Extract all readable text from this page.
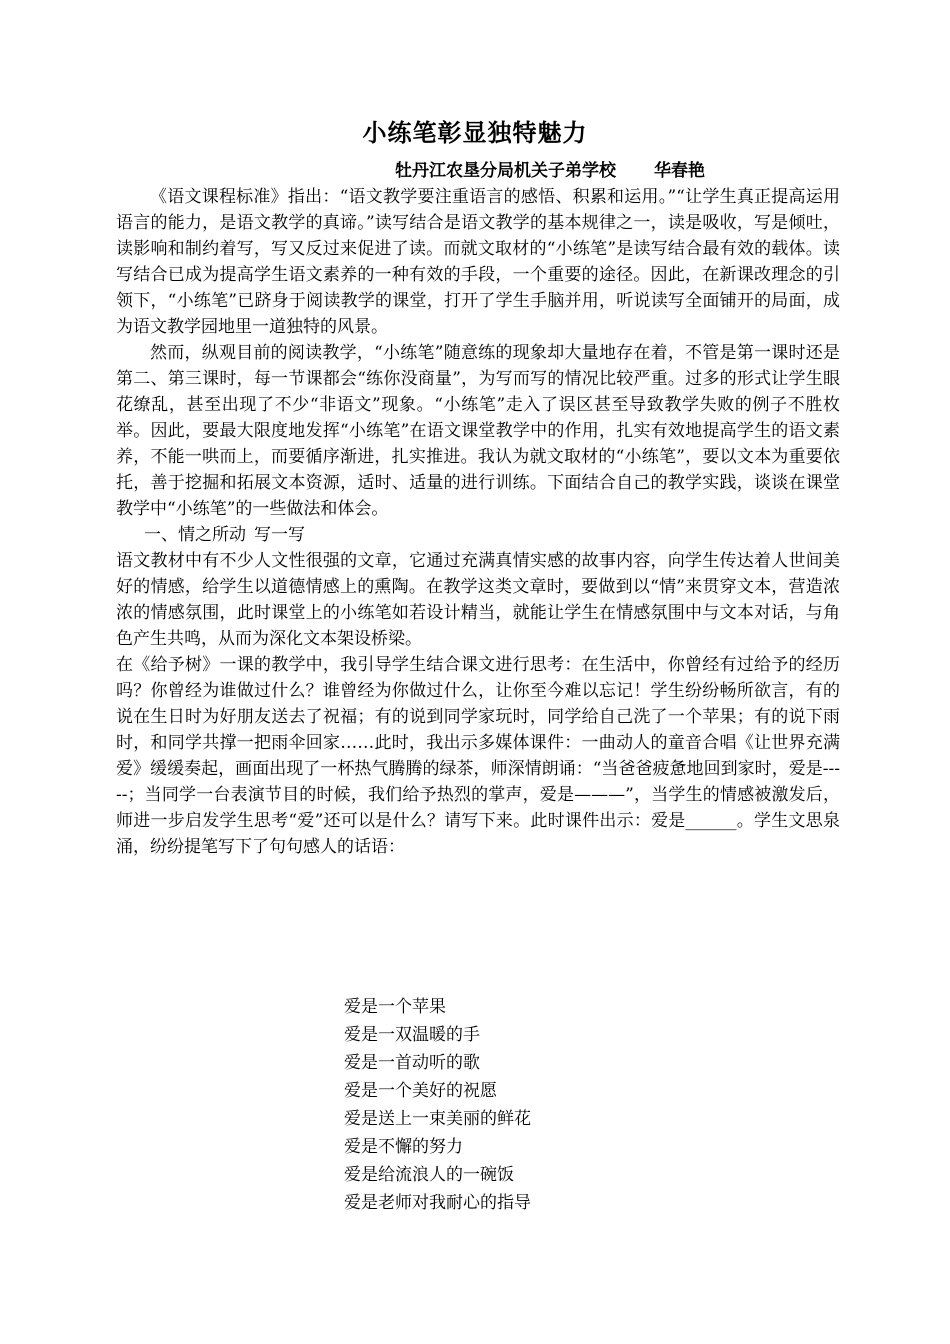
小练笔彰显独特魅力
牡丹江农垦分局机关子弟学校 华春艳

《语文课程标准》指出：“语文教学要注重语言的感悟、积累和运用。”“让学生真正提高运用语言的能力，是语文教学的真谛。”读写结合是语文教学的基本规律之一，读是吸收，写是倾吐，读影响和制约着写，写又反过来促进了读。而就文取材的“小练笔”是读写结合最有效的载体。读写结合已成为提高学生语文素养的一种有效的手段，一个重要的途径。因此，在新课改理念的引领下，“小练笔”已跻身于阅读教学的课堂，打开了学生手脑并用，听说读写全面铺开的局面，成为语文教学园地里一道独特的风景。

然而，纵观目前的阅读教学，“小练笔”随意练的现象却大量地存在着，不管是第一课时还是第二、第三课时，每一节课都会“练你没商量”，为写而写的情况比较严重。过多的形式让学生眼花缭乱，甚至出现了不少“非语文”现象。“小练笔”走入了误区甚至导致教学失败的例子不胜枚举。因此，要最大限度地发挥“小练笔”在语文课堂教学中的作用，扎实有效地提高学生的语文素养，不能一哄而上，而要循序渐进，扎实推进。我认为就文取材的“小练笔”，要以文本为重要依托，善于挖掘和拓展文本资源，适时、适量的进行训练。下面结合自己的教学实践，谈谈在课堂教学中“小练笔”的一些做法和体会。

一、情之所动 写一写

语文教材中有不少人文性很强的文章，它通过充满真情实感的故事内容，向学生传达着人世间美好的情感，给学生以道德情感上的熏陶。在教学这类文章时，要做到以“情”来贯穿文本，营造浓浓的情感氛围，此时课堂上的小练笔如若设计精当，就能让学生在情感氛围中与文本对话，与角色产生共鸣，从而为深化文本架设桥梁。

在《给予树》一课的教学中，我引导学生结合课文进行思考：在生活中，你曾经有过给予的经历吗？你曾经为谁做过什么？谁曾经为你做过什么，让你至今难以忘记！学生纷纷畅所欲言，有的说在生日时为好朋友送去了祝福；有的说到同学家玩时，同学给自己洗了一个苹果；有的说下雨时，和同学共撑一把雨伞回家……此时，我出示多媒体课件：一曲动人的童音合唱《让世界充满爱》缓缓奏起，画面出现了一杯热气腾腾的绿茶，师深情朗诵：“当爸爸疲惫地回到家时，爱是-----；当同学一台表演节目的时候，我们给予热烈的掌声，爱是———”，当学生的情感被激发后，师进一步启发学生思考“爱”还可以是什么？请写下来。此时课件出示：爱是______。学生文思泉涌，纷纷提笔写下了句句感人的话语：

爱是一个苹果
爱是一双温暖的手
爱是一首动听的歌
爱是一个美好的祝愿
爱是送上一束美丽的鲜花
爱是不懈的努力
爱是给流浪人的一碗饭
爱是老师对我耐心的指导
